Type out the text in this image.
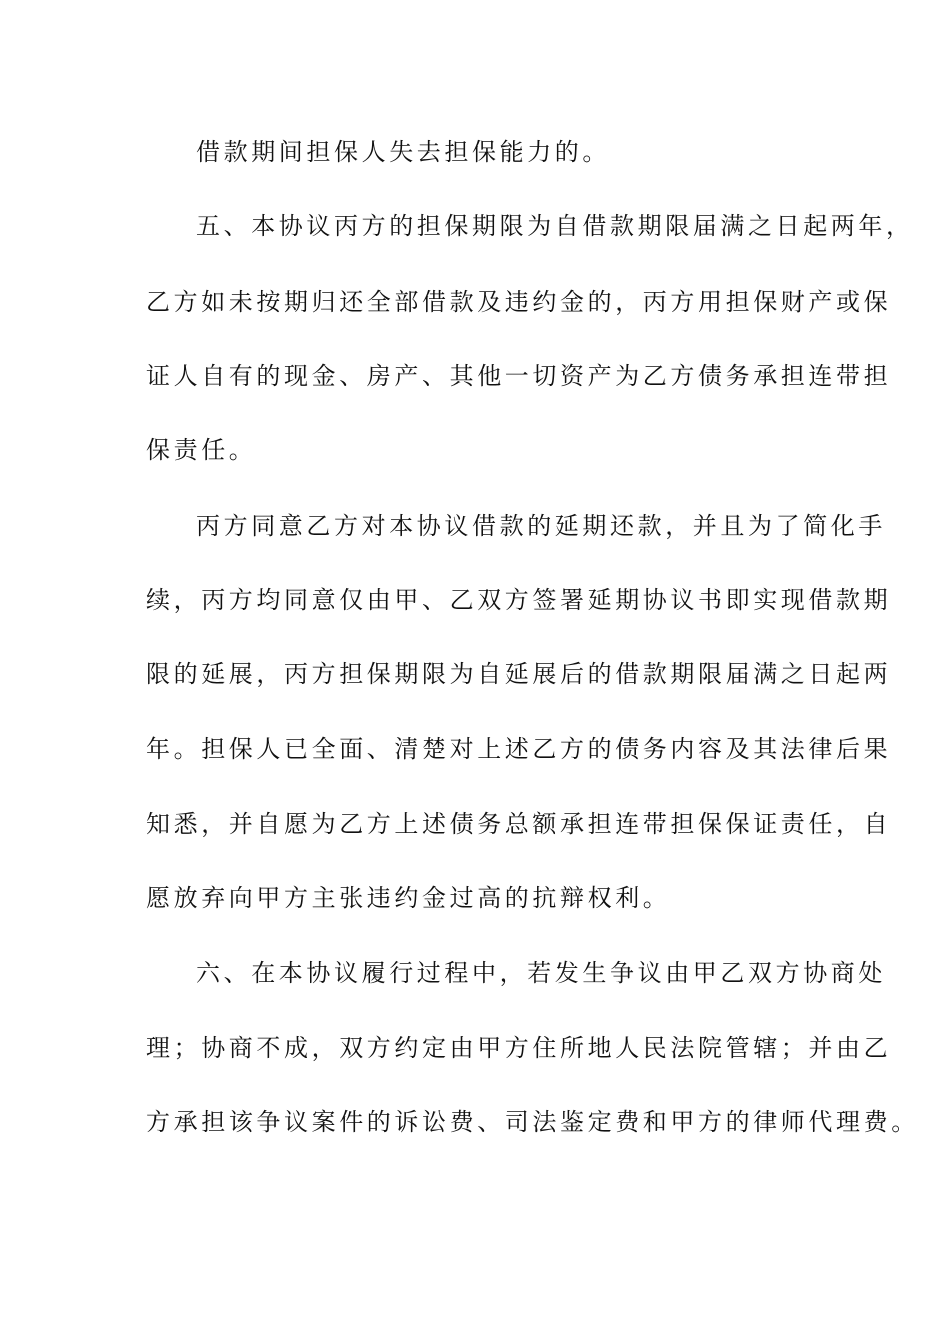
借款期间担保人失去担保能力的。

五、本协议丙方的担保期限为自借款期限届满之日起两年，

乙方如未按期归还全部借款及违约金的，丙方用担保财产或保

证人自有的现金、房产、其他一切资产为乙方债务承担连带担

保责任。

丙方同意乙方对本协议借款的延期还款，并且为了简化手

续，丙方均同意仅由甲、乙双方签署延期协议书即实现借款期

限的延展，丙方担保期限为自延展后的借款期限届满之日起两

年。担保人已全面、清楚对上述乙方的债务内容及其法律后果

知悉，并自愿为乙方上述债务总额承担连带担保保证责任，自

愿放弃向甲方主张违约金过高的抗辩权利。

六、在本协议履行过程中，若发生争议由甲乙双方协商处

理；协商不成，双方约定由甲方住所地人民法院管辖；并由乙

方承担该争议案件的诉讼费、司法鉴定费和甲方的律师代理费。
